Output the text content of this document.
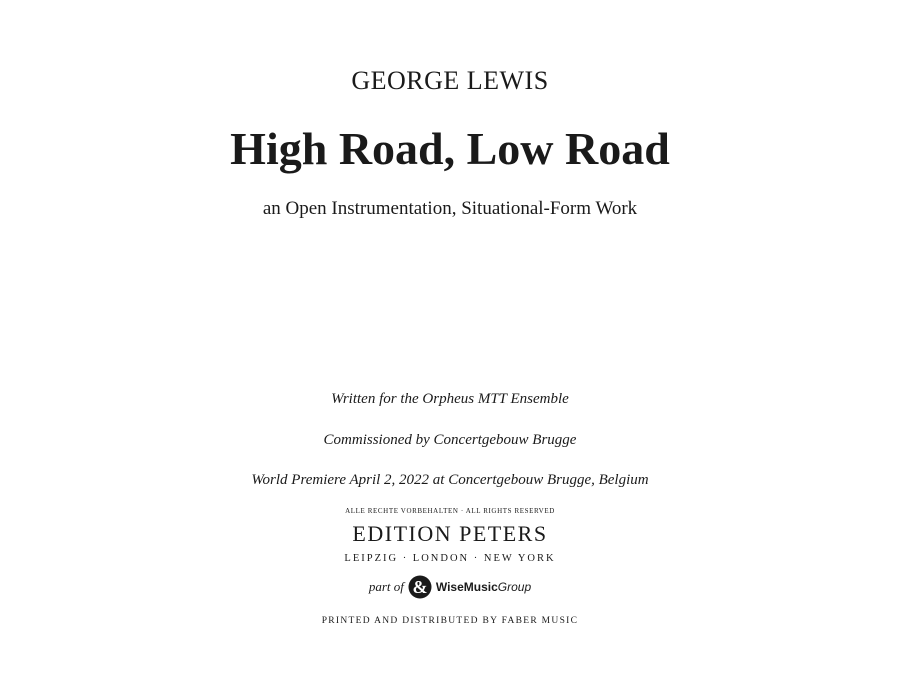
GEORGE LEWIS
High Road, Low Road
an Open Instrumentation, Situational-Form Work
Written for the Orpheus MTT Ensemble
Commissioned by Concertgebouw Brugge
World Premiere April 2, 2022 at Concertgebouw Brugge, Belgium
ALLE RECHTE VORBEHALTEN · ALL RIGHTS RESERVED
EDITION PETERS
LEIPZIG · LONDON · NEW YORK
part of & WiseMusic Group
PRINTED AND DISTRIBUTED BY FABER MUSIC
